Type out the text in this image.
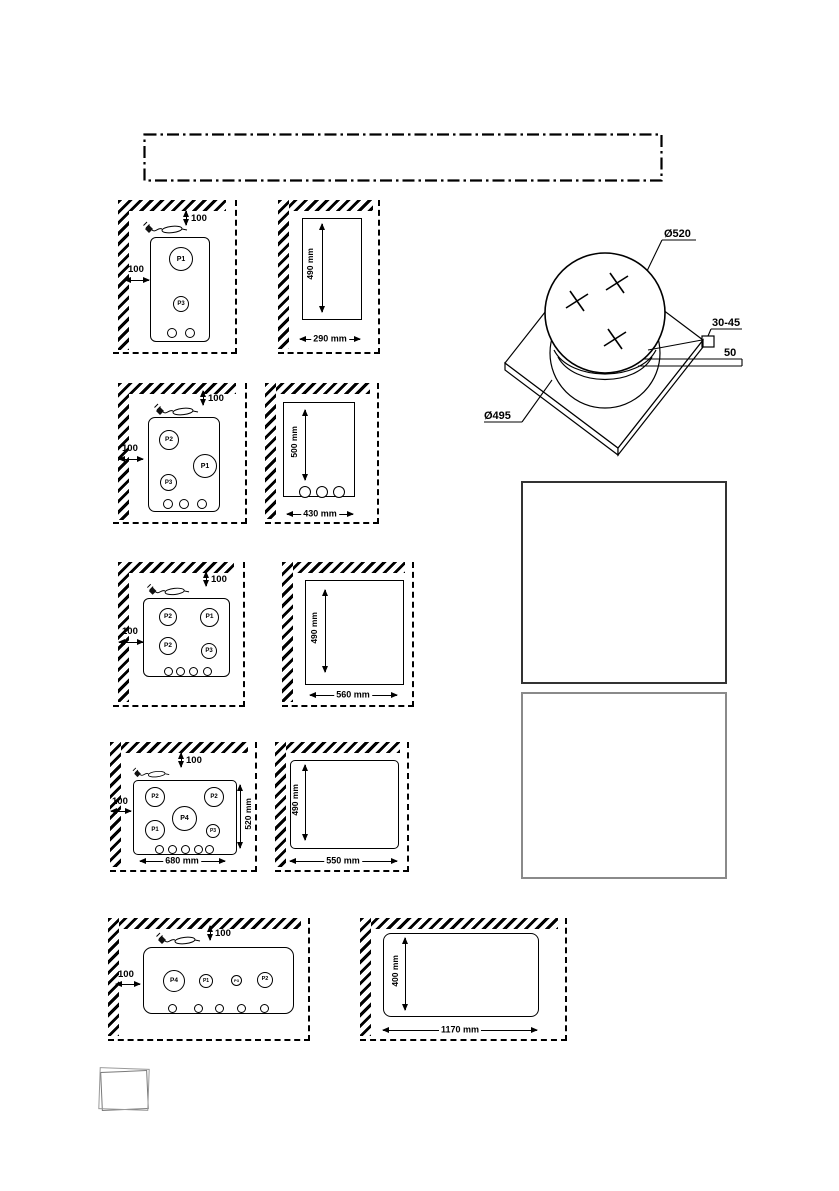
100
100
P1
P3
490 mm
290 mm
100
100
P2
P1
P3
500 mm
430 mm
100
100
P2	P1
P2
P3
490 mm
560 mm
100
100	P2	P2
P4
P1	P3
520 mm
680 mm
490 mm
550 mm
100
100
P4	P1	P3	P2	400 mm
1170 mm
Ø520
30-45
50
Ø495
